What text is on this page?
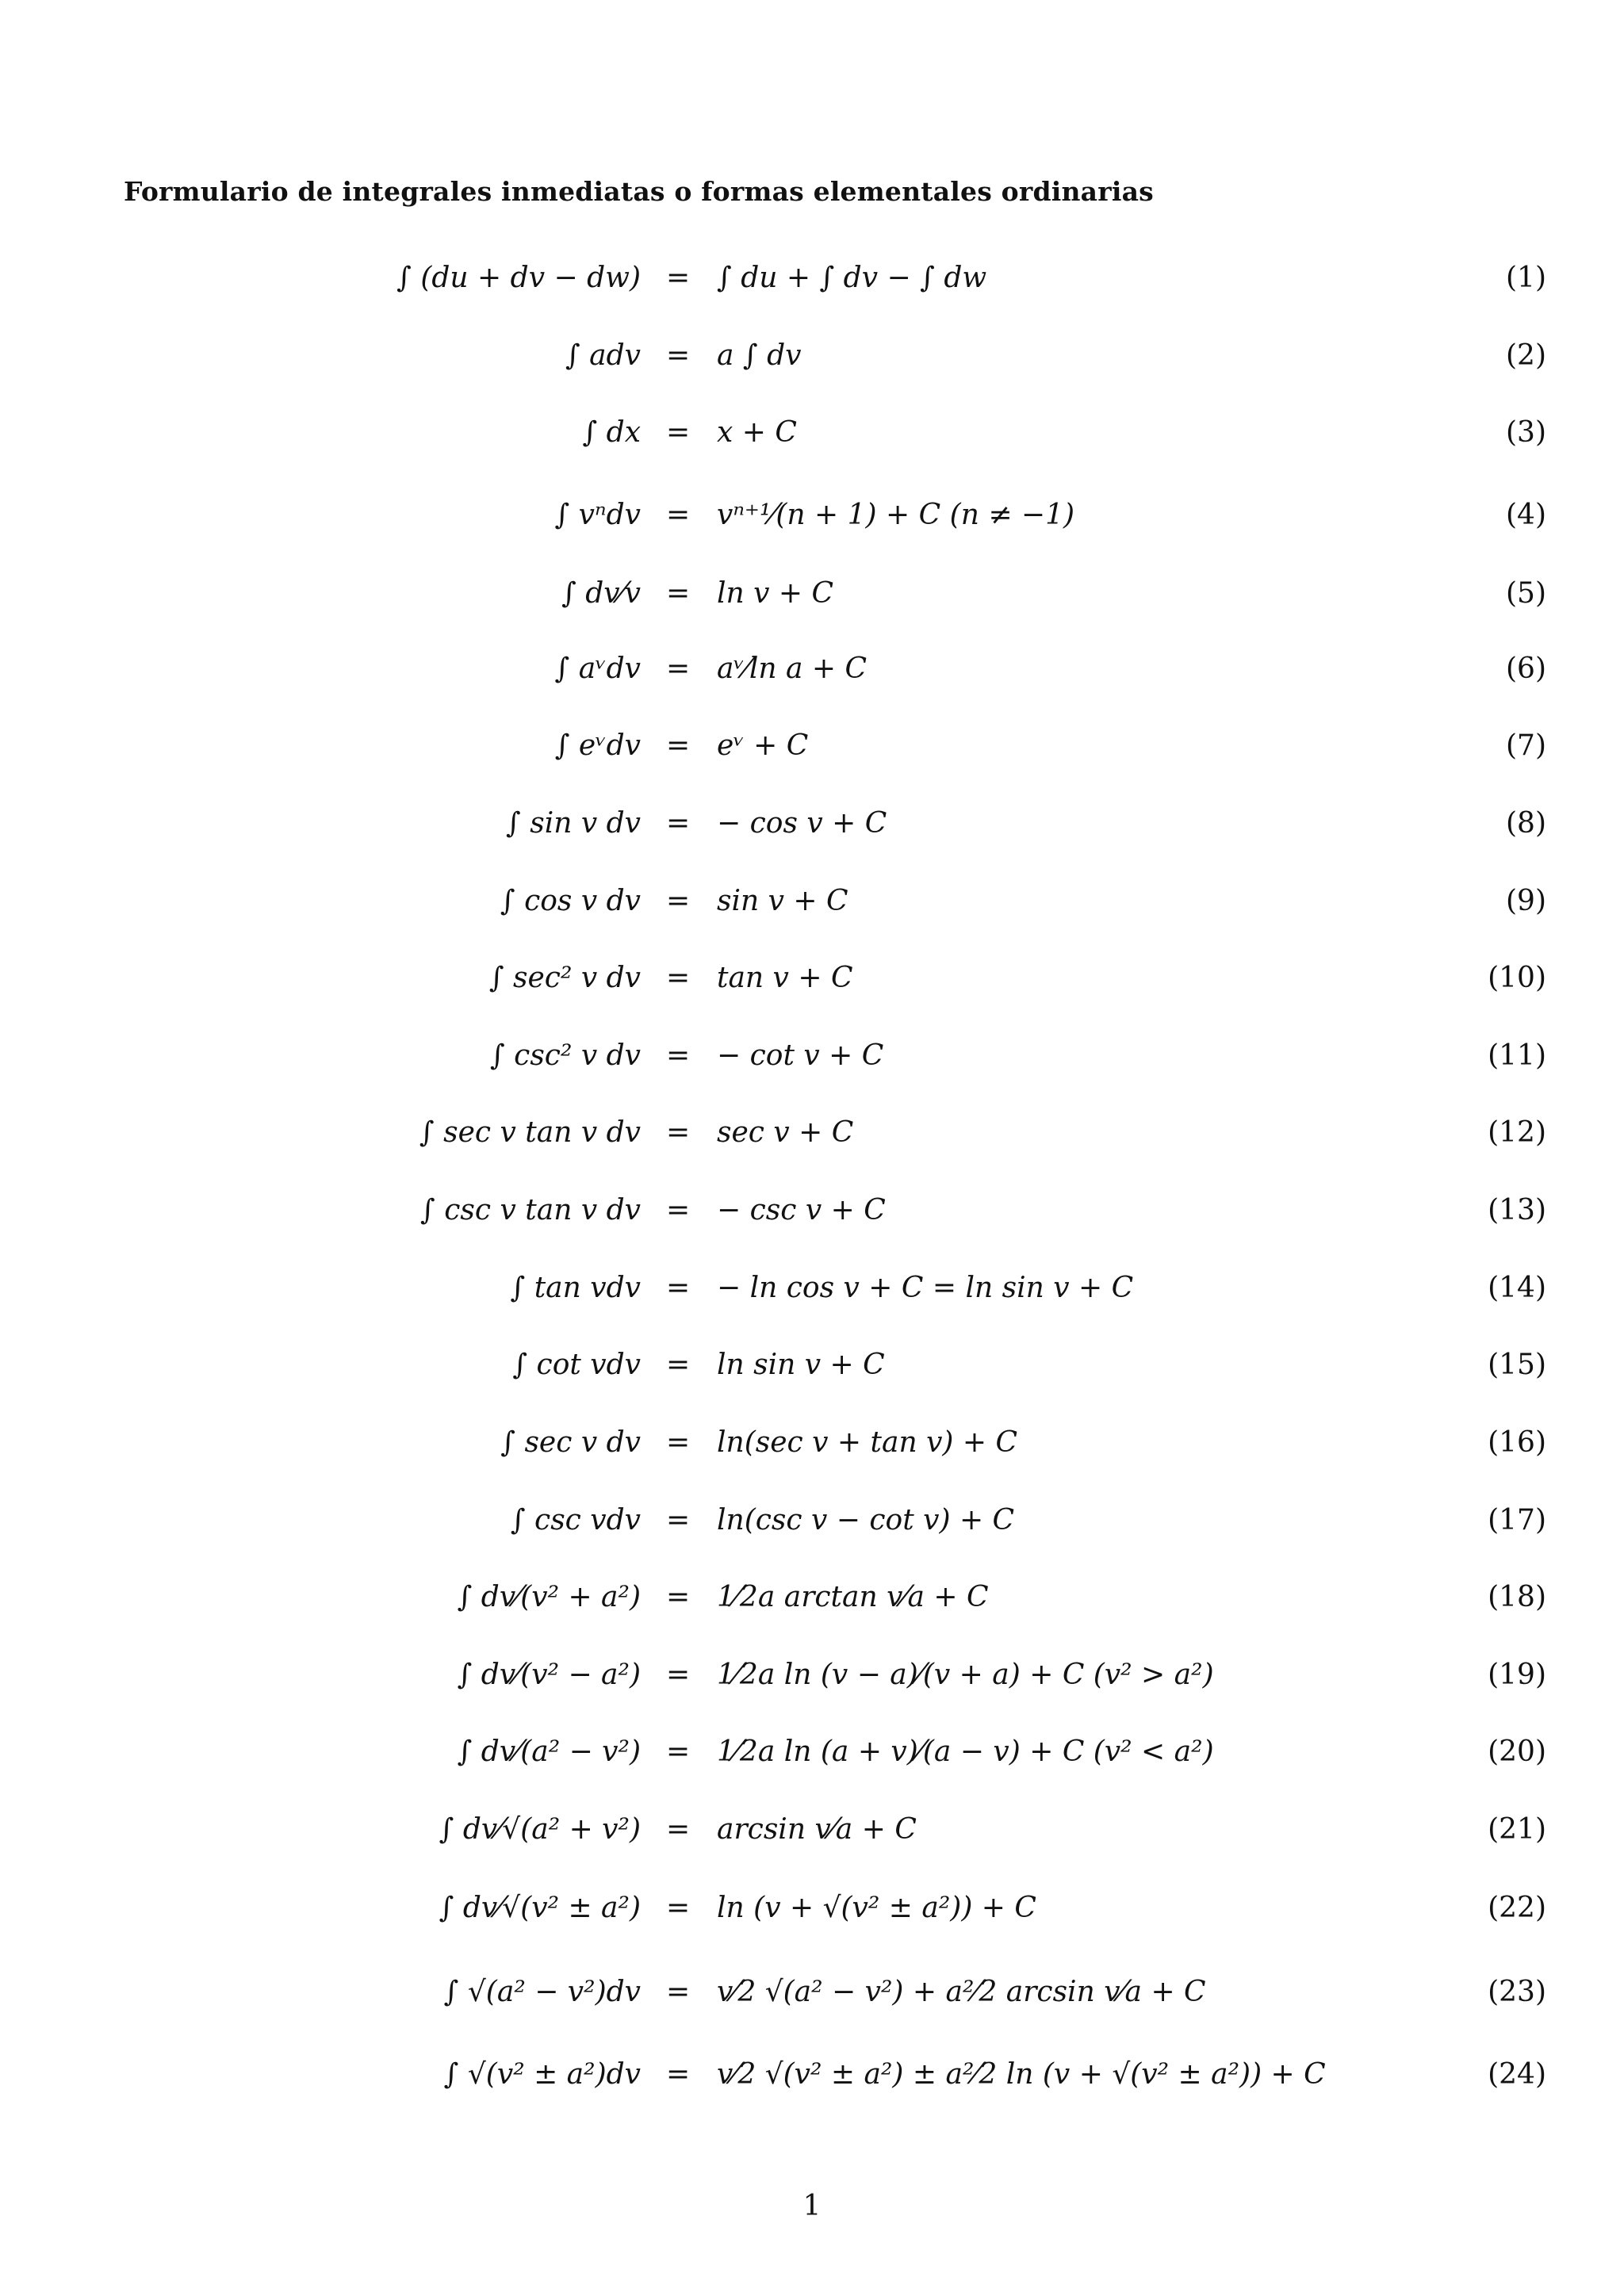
Formulario de integrales inmediatas o formas elementales ordinarias
∫ (du + dv − dw) = ∫ du + ∫ dv − ∫ dw	(1)
∫ adv = a ∫ dv	(2)
∫ dx = x + C	(3)
∫ vⁿdv = vⁿ⁺¹⁄(n + 1) + C (n ≠ −1)	(4)
∫ dv⁄v = ln v + C	(5)
∫ aᵛdv = aᵛ⁄ln a + C	(6)
∫ eᵛdv = eᵛ + C	(7)
∫ sin v dv = − cos v + C	(8)
∫ cos v dv = sin v + C	(9)
∫ sec² v dv = tan v + C	(10)
∫ csc² v dv = − cot v + C	(11)
∫ sec v tan v dv = sec v + C	(12)
∫ csc v tan v dv = − csc v + C	(13)
∫ tan vdv = − ln cos v + C = ln sin v + C	(14)
∫ cot vdv = ln sin v + C	(15)
∫ sec v dv = ln(sec v + tan v) + C	(16)
∫ csc vdv = ln(csc v − cot v) + C	(17)
∫ dv⁄(v² + a²) = 1⁄2a arctan v⁄a + C	(18)
∫ dv⁄(v² − a²) = 1⁄2a ln (v − a)⁄(v + a) + C (v² > a²)	(19)
∫ dv⁄(a² − v²) = 1⁄2a ln (a + v)⁄(a − v) + C (v² < a²)	(20)
∫ dv⁄√(a² + v²) = arcsin v⁄a + C	(21)
∫ dv⁄√(v² ± a²) = ln (v + √(v² ± a²)) + C	(22)
∫ √(a² − v²)dv = v⁄2 √(a² − v²) + a²⁄2 arcsin v⁄a + C	(23)
∫ √(v² ± a²)dv = v⁄2 √(v² ± a²) ± a²⁄2 ln (v + √(v² ± a²)) + C	(24)
1
